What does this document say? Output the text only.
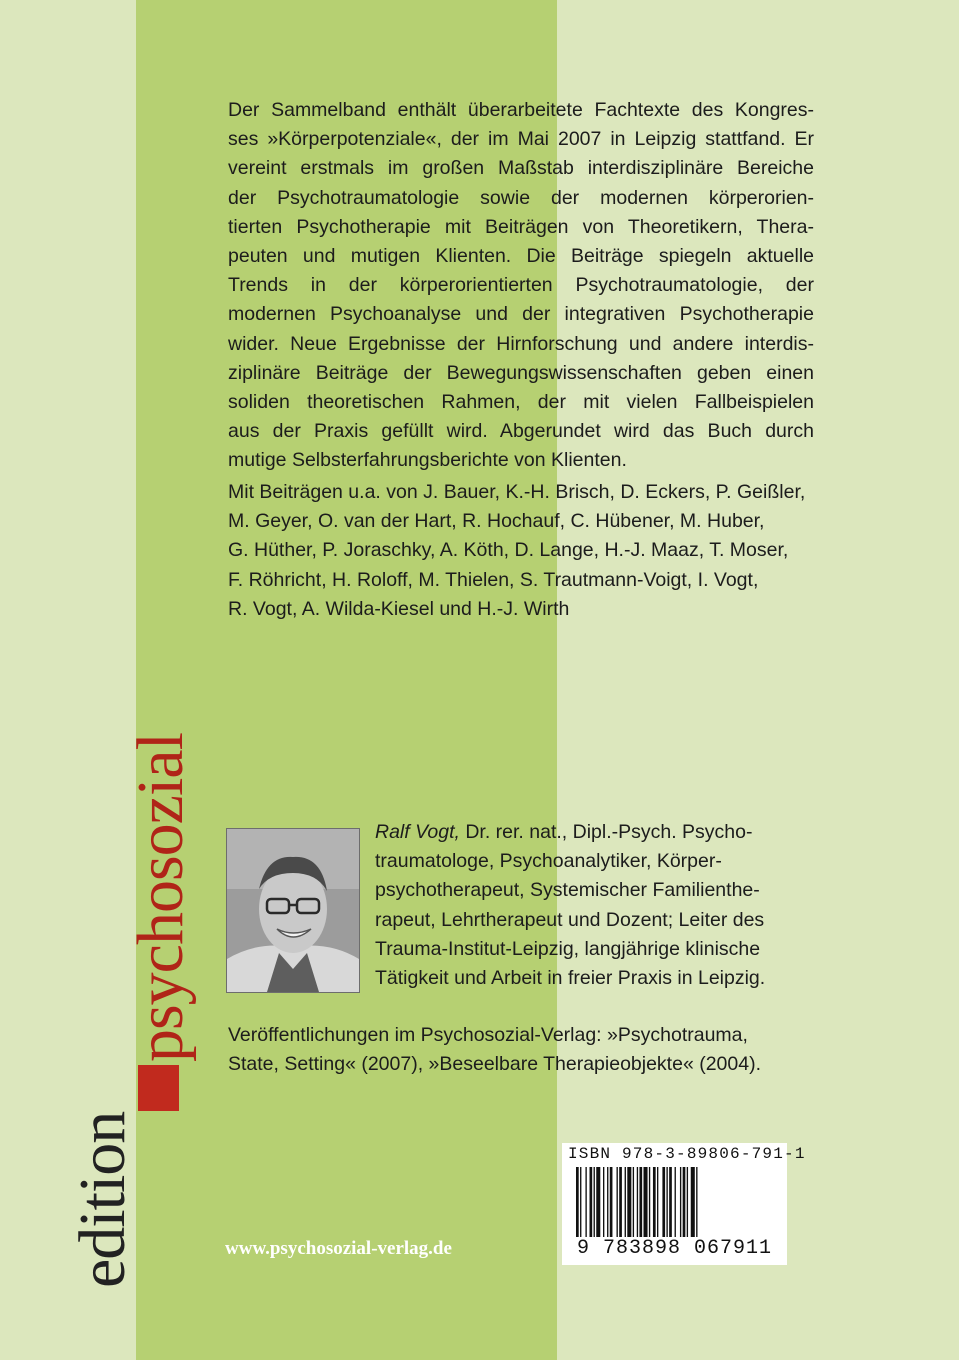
Der Sammelband enthält überarbeitete Fachtexte des Kongres-

ses »Körperpotenziale«, der im Mai 2007 in Leipzig stattfand. Er

vereint erstmals im großen Maßstab interdisziplinäre Bereiche

der Psychotraumatologie sowie der modernen körperorien-

tierten Psychotherapie mit Beiträgen von Theoretikern, Thera-

peuten und mutigen Klienten. Die Beiträge spiegeln aktuelle

Trends in der körperorientierten Psychotraumatologie, der

modernen Psychoanalyse und der integrativen Psychotherapie

wider. Neue Ergebnisse der Hirnforschung und andere interdis-

ziplinäre Beiträge der Bewegungswissenschaften geben einen

soliden theoretischen Rahmen, der mit vielen Fallbeispielen

aus der Praxis gefüllt wird. Abgerundet wird das Buch durch

mutige Selbsterfahrungsberichte von Klienten.

Mit Beiträgen u.a. von J. Bauer, K.-H. Brisch, D. Eckers, P. Geißler,
M. Geyer, O. van der Hart, R. Hochauf, C. Hübener, M. Huber,
G. Hüther, P. Joraschky, A. Köth, D. Lange, H.-J. Maaz, T. Moser,
F. Röhricht, H. Roloff, M. Thielen, S. Trautmann-Voigt, I. Vogt,
R. Vogt, A. Wilda-Kiesel und H.-J. Wirth
Ralf Vogt, Dr. rer. nat., Dipl.-Psych. Psycho-
traumatologe, Psychoanalytiker, Körper-
psychotherapeut, Systemischer Familienthe-
rapeut, Lehrtherapeut und Dozent; Leiter des
Trauma-Institut-Leipzig, langjährige klinische
Tätigkeit und Arbeit in freier Praxis in Leipzig.
Veröffentlichungen im Psychosozial-Verlag: »Psychotrauma,
State, Setting« (2007), »Beseelbare Therapieobjekte« (2004).
edition
psychosozial
www.psychosozial-verlag.de
ISBN 978-3-89806-791-1
9 783898 067911
